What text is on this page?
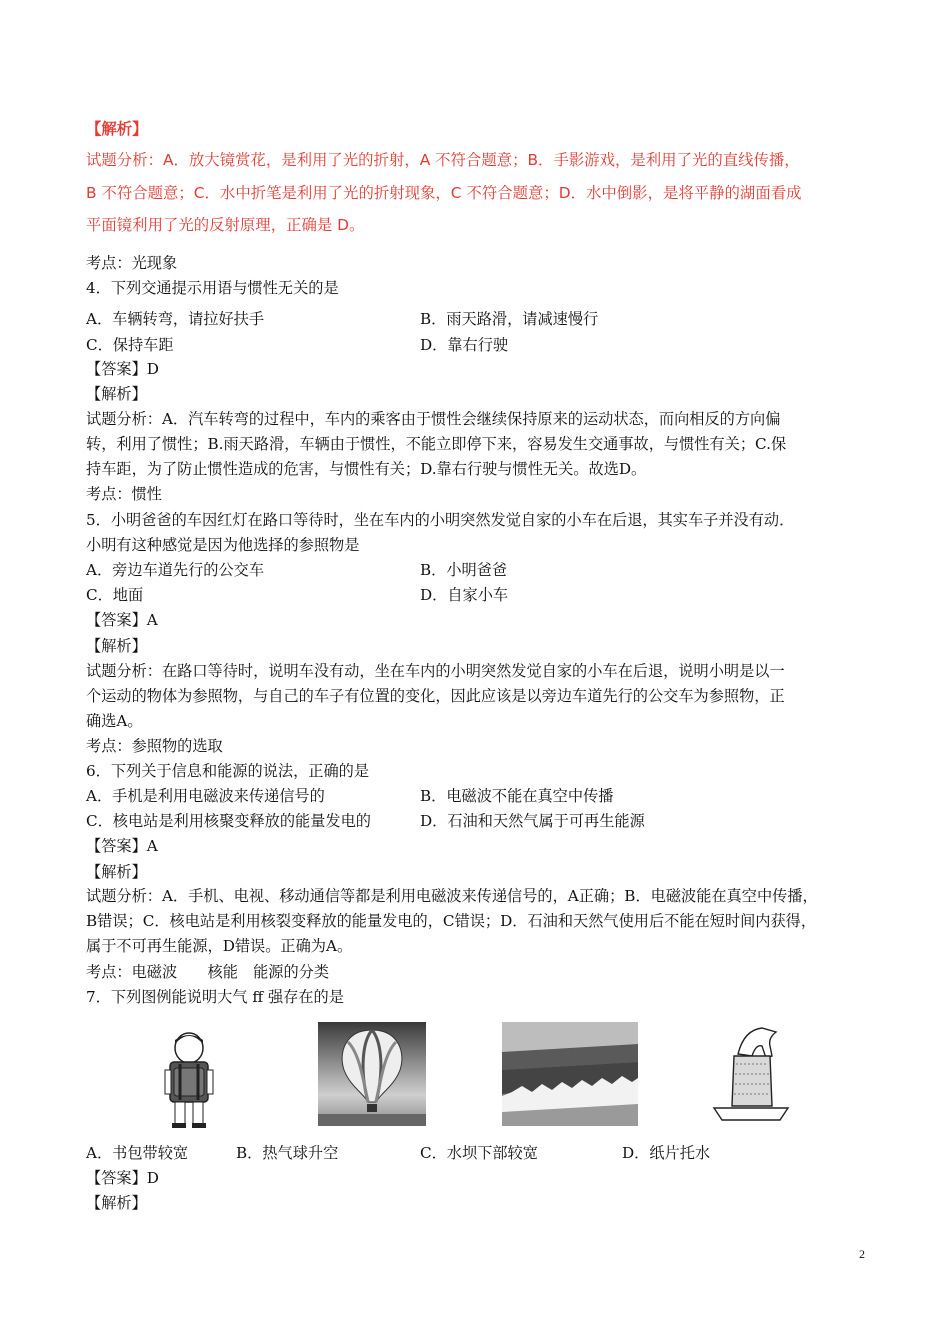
【解析】
试题分析：A．放大镜赏花，是利用了光的折射，A 不符合题意；B．手影游戏，是利用了光的直线传播，
B 不符合题意；C．水中折笔是利用了光的折射现象，C 不符合题意；D．水中倒影，是将平静的湖面看成
平面镜利用了光的反射原理，正确是 D。
考点：光现象
4．下列交通提示用语与惯性无关的是
A．车辆转弯，请拉好扶手	B．雨天路滑，请减速慢行
C．保持车距	D．靠右行驶
【答案】D
【解析】
试题分析：A．汽车转弯的过程中，车内的乘客由于惯性会继续保持原来的运动状态，而向相反的方向偏
转，利用了惯性；B.雨天路滑，车辆由于惯性，不能立即停下来，容易发生交通事故，与惯性有关；C.保
持车距，为了防止惯性造成的危害，与惯性有关；D.靠右行驶与惯性无关。故选D。
考点：惯性
5．小明爸爸的车因红灯在路口等待时，坐在车内的小明突然发觉自家的小车在后退，其实车子并没有动．
小明有这种感觉是因为他选择的参照物是
A．旁边车道先行的公交车	B．小明爸爸
C．地面	D．自家小车
【答案】A
【解析】
试题分析：在路口等待时，说明车没有动，坐在车内的小明突然发觉自家的小车在后退，说明小明是以一
个运动的物体为参照物，与自己的车子有位置的变化，因此应该是以旁边车道先行的公交车为参照物，正
确选A。
考点：参照物的选取
6．下列关于信息和能源的说法，正确的是
A．手机是利用电磁波来传递信号的	B．电磁波不能在真空中传播
C．核电站是利用核聚变释放的能量发电的	D．石油和天然气属于可再生能源
【答案】A
【解析】
试题分析：A．手机、电视、移动通信等都是利用电磁波来传递信号的，A正确；B．电磁波能在真空中传播，
B错误；C．核电站是利用核裂变释放的能量发电的，C错误；D．石油和天然气使用后不能在短时间内获得，
属于不可再生能源，D错误。正确为A。
考点：电磁波　　核能　能源的分类
7．下列图例能说明大气 ff 强存在的是
A．书包带较宽	B．热气球升空	C．水坝下部较宽	D．纸片托水
【答案】D
【解析】
2
